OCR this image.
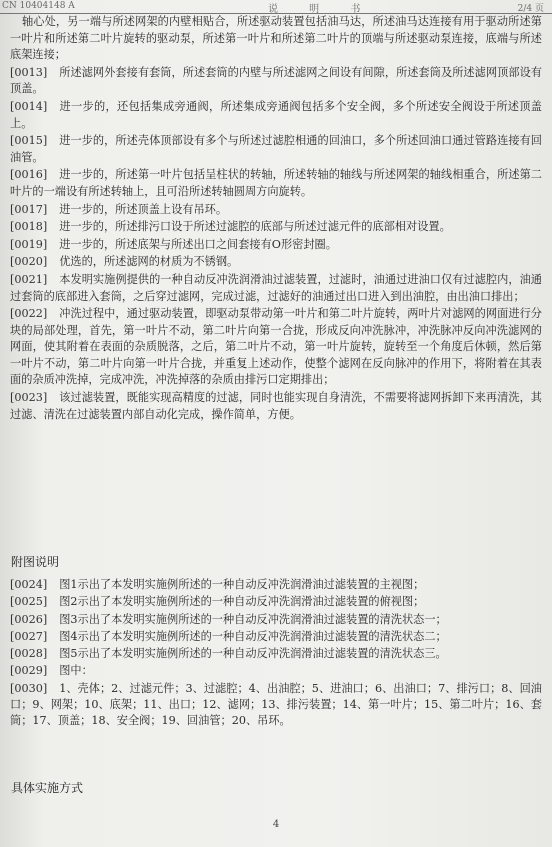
CN 10404148 A	说 明 书	2/4 页

轴心处，另一端与所述网架的内壁相贴合，所述驱动装置包括油马达，所述油马达连接有用于驱动所述第一叶片和所述第二叶片旋转的驱动泵，所述第一叶片和所述第二叶片的顶端与所述驱动泵连接，底端与所述底架连接；

[0013] 所述滤网外套接有套筒，所述套筒的内壁与所述滤网之间设有间隙，所述套筒及所述滤网顶部设有顶盖。

[0014] 进一步的，还包括集成旁通阀，所述集成旁通阀包括多个安全阀，多个所述安全阀设于所述顶盖上。

[0015] 进一步的，所述壳体顶部设有多个与所述过滤腔相通的回油口，多个所述回油口通过管路连接有回油管。

[0016] 进一步的，所述第一叶片包括呈柱状的转轴，所述转轴的轴线与所述网架的轴线相重合，所述第二叶片的一端设有所述转轴上，且可沿所述转轴圆周方向旋转。

[0017] 进一步的，所述顶盖上设有吊环。

[0018] 进一步的，所述排污口设于所述过滤腔的底部与所述过滤元件的底部相对设置。

[0019] 进一步的，所述底架与所述出口之间套接有O形密封圈。

[0020] 优选的，所述滤网的材质为不锈钢。

[0021] 本发明实施例提供的一种自动反冲洗润滑油过滤装置，过滤时，油通过进油口仅有过滤腔内，油通过套筒的底部进入套筒，之后穿过滤网，完成过滤，过滤好的油通过出口进入到出油腔，由出油口排出；

[0022] 冲洗过程中，通过驱动装置，即驱动泵带动第一叶片和第二叶片旋转，两叶片对滤网的网面进行分块的局部处理，首先，第一叶片不动，第二叶片向第一合拢，形成反向冲洗脉冲，冲洗脉冲反向冲洗滤网的网面，使其附着在表面的杂质脱落，之后，第二叶片不动，第一叶片旋转，旋转至一个角度后休顿，然后第一叶片不动，第二叶片向第一叶片合拢，并重复上述动作，使整个滤网在反向脉冲的作用下，将附着在其表面的杂质冲洗掉，完成冲洗，冲洗掉落的杂质由排污口定期排出；

[0023] 该过滤装置，既能实现高精度的过滤，同时也能实现自身清洗，不需要将滤网拆卸下来再清洗，其过滤、清洗在过滤装置内部自动化完成，操作简单，方便。

附图说明

[0024] 图1示出了本发明实施例所述的一种自动反冲洗润滑油过滤装置的主视图；

[0025] 图2示出了本发明实施例所述的一种自动反冲洗润滑油过滤装置的俯视图；

[0026] 图3示出了本发明实施例所述的一种自动反冲洗润滑油过滤装置的清洗状态一；

[0027] 图4示出了本发明实施例所述的一种自动反冲洗润滑油过滤装置的清洗状态二；

[0028] 图5示出了本发明实施例所述的一种自动反冲洗润滑油过滤装置的清洗状态三。

[0029] 图中：

[0030] 1、壳体；2、过滤元件；3、过滤腔；4、出油腔；5、进油口；6、出油口；7、排污口；8、回油口；9、网架；10、底架；11、出口；12、滤网；13、排污装置；14、第一叶片；15、第二叶片；16、套筒；17、顶盖；18、安全阀；19、回油管；20、吊环。

具体实施方式
4
